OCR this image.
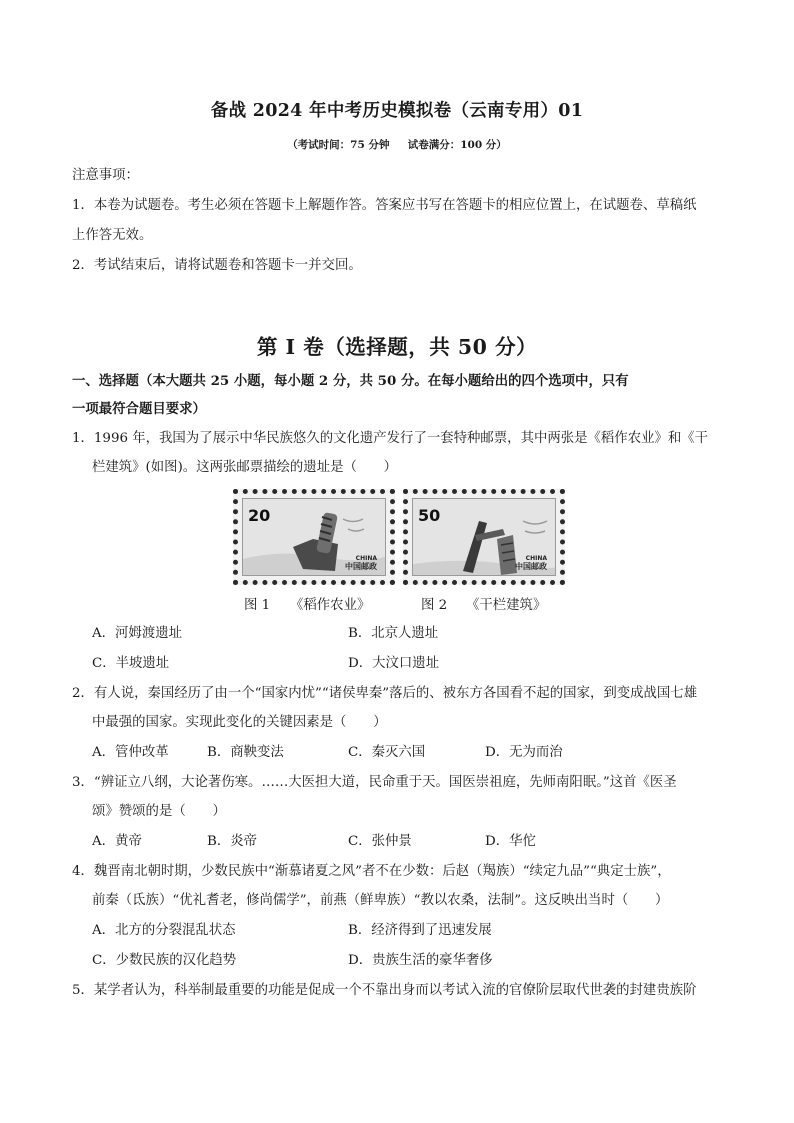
备战 2024 年中考历史模拟卷（云南专用）01
（考试时间：75 分钟     试卷满分：100 分）
注意事项：
1．本卷为试题卷。考生必须在答题卡上解题作答。答案应书写在答题卡的相应位置上，在试题卷、草稿纸
上作答无效。
2．考试结束后，请将试题卷和答题卡一并交回。
第 I 卷（选择题，共 50 分）
一、选择题（本大题共 25 小题，每小题 2 分，共 50 分。在每小题给出的四个选项中，只有
一项最符合题目要求）
1．1996 年，我国为了展示中华民族悠久的文化遗产发行了一套特种邮票，其中两张是《稻作农业》和《干
栏建筑》(如图)。这两张邮票描绘的遗址是（　　）
20
CHINA
中国邮政
50
CHINA
中国邮政
图 1 《稻作农业》	图 2 《干栏建筑》
A．河姆渡遗址	B．北京人遗址
C．半坡遗址	D．大汶口遗址
2．有人说，秦国经历了由一个“国家内忧”“诸侯卑秦”落后的、被东方各国看不起的国家，到变成战国七雄
中最强的国家。实现此变化的关键因素是（　　）
A．管仲改革	B．商鞅变法	C．秦灭六国	D．无为而治
3．“辨证立八纲，大论著伤寒。……大医担大道，民命重于天。国医崇祖庭，先师南阳眠。”这首《医圣
颂》赞颂的是（　　）
A．黄帝	B．炎帝	C．张仲景	D．华佗
4．魏晋南北朝时期，少数民族中“渐慕诸夏之风”者不在少数：后赵（羯族）“续定九品”“典定士族”，
前秦（氐族）“优礼耆老，修尚儒学”，前燕（鲜卑族）“教以农桑，法制”。这反映出当时（　　）
A．北方的分裂混乱状态	B．经济得到了迅速发展
C．少数民族的汉化趋势	D．贵族生活的豪华奢侈
5．某学者认为，科举制最重要的功能是促成一个不靠出身而以考试入流的官僚阶层取代世袭的封建贵族阶
